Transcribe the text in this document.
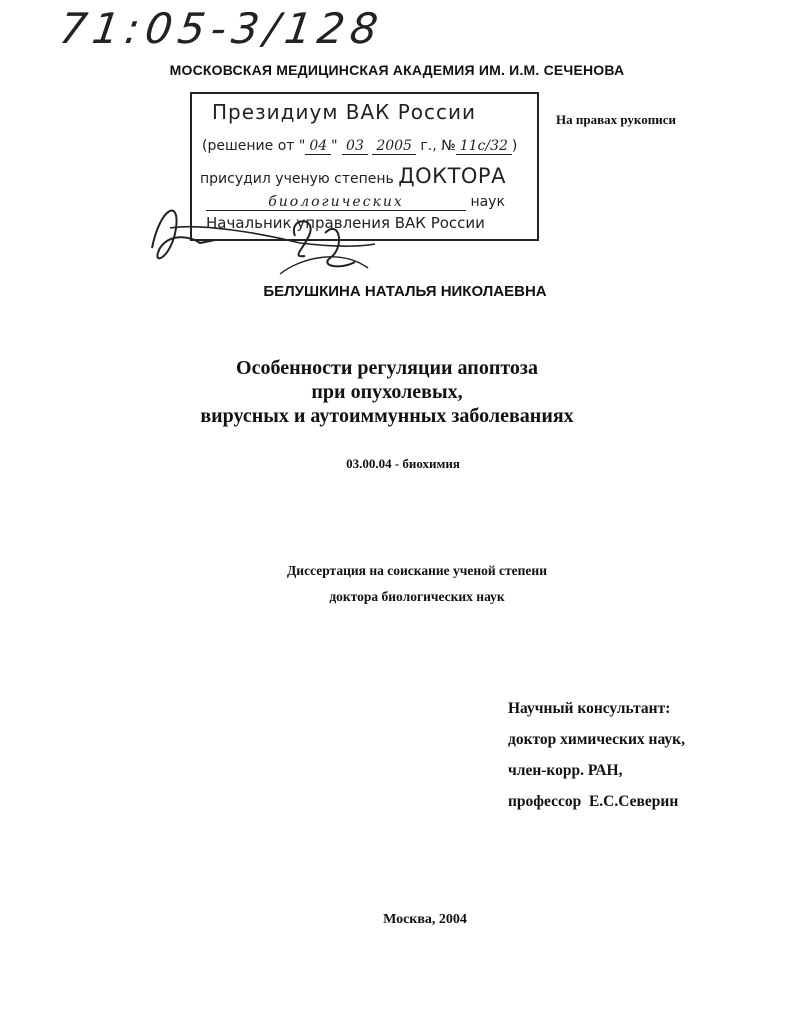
71:05-3/128
МОСКОВСКАЯ МЕДИЦИНСКАЯ АКАДЕМИЯ ИМ. И.М. СЕЧЕНОВА
На правах рукописи
Президиум ВАК России
(решение от " 04 " 03 2005 г., № 11с/32 )
присудил ученую степень ДОКТОРА
биологических	наук
Начальник управления ВАК России
БЕЛУШКИНА НАТАЛЬЯ НИКОЛАЕВНА
Особенности регуляции апоптоза
при опухолевых,
вирусных и аутоиммунных заболеваниях
03.00.04 - биохимия
Диссертация на соискание ученой степени
доктора биологических наук
Научный консультант:
доктор химических наук,
член-корр. РАН,
профессор  Е.С.Северин
Москва, 2004
